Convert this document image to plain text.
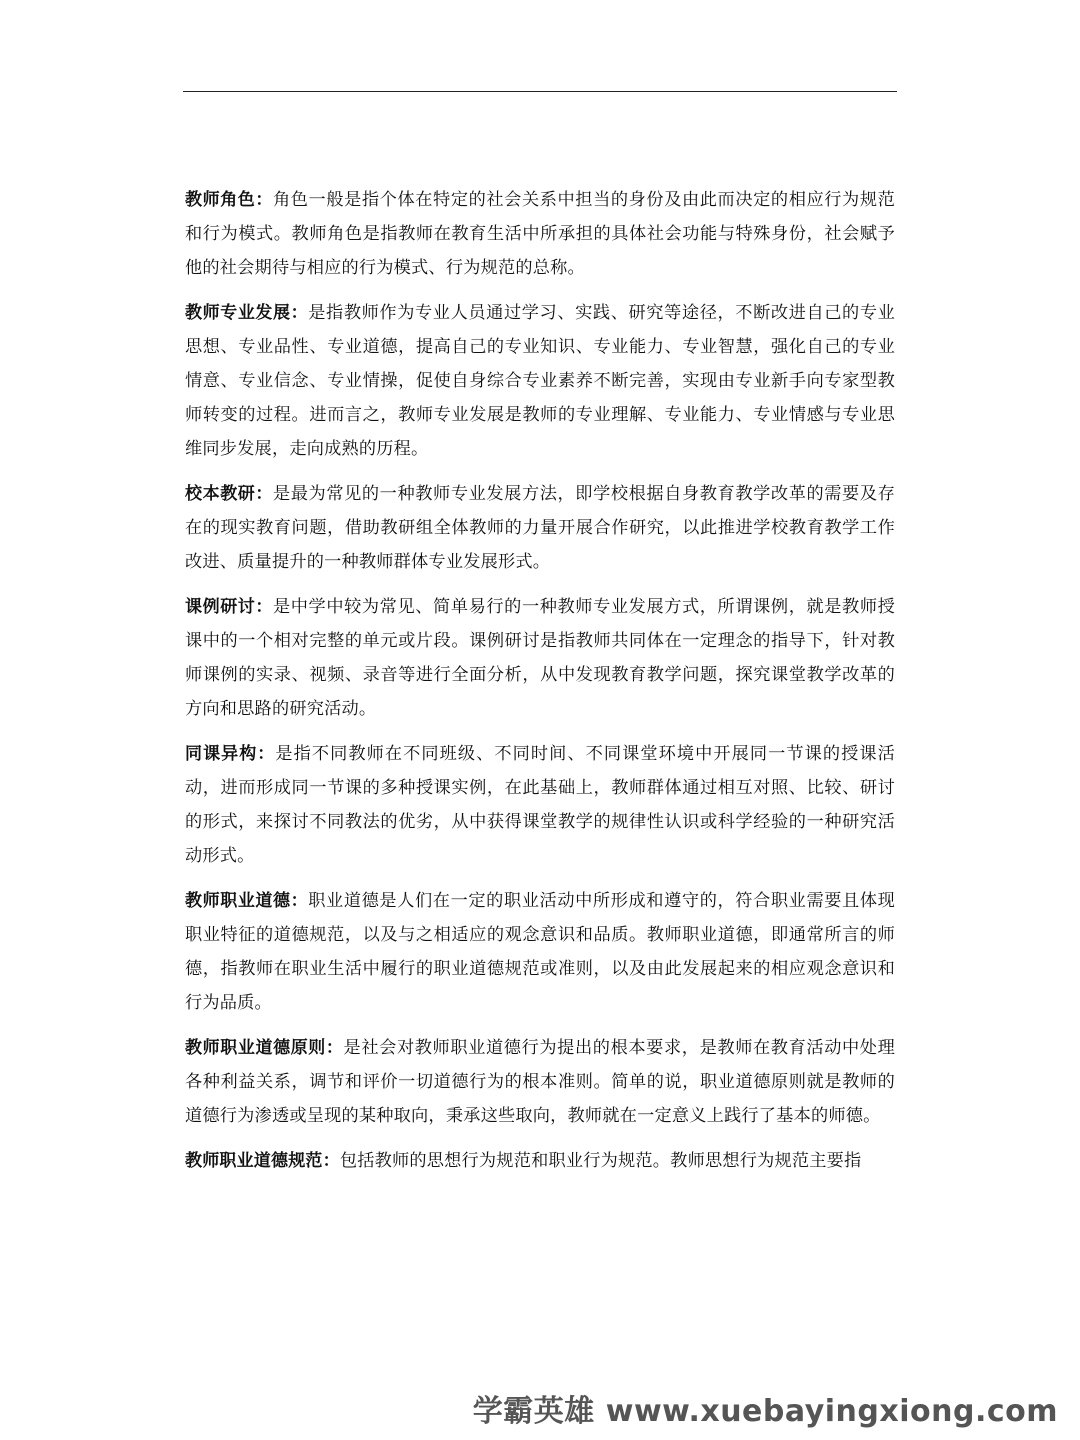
教师角色：角色一般是指个体在特定的社会关系中担当的身份及由此而决定的相应行为规范和行为模式。教师角色是指教师在教育生活中所承担的具体社会功能与特殊身份，社会赋予他的社会期待与相应的行为模式、行为规范的总称。

教师专业发展：是指教师作为专业人员通过学习、实践、研究等途径，不断改进自己的专业思想、专业品性、专业道德，提高自己的专业知识、专业能力、专业智慧，强化自己的专业情意、专业信念、专业情操，促使自身综合专业素养不断完善，实现由专业新手向专家型教师转变的过程。进而言之，教师专业发展是教师的专业理解、专业能力、专业情感与专业思维同步发展，走向成熟的历程。

校本教研：是最为常见的一种教师专业发展方法，即学校根据自身教育教学改革的需要及存在的现实教育问题，借助教研组全体教师的力量开展合作研究，以此推进学校教育教学工作改进、质量提升的一种教师群体专业发展形式。

课例研讨：是中学中较为常见、简单易行的一种教师专业发展方式，所谓课例，就是教师授课中的一个相对完整的单元或片段。课例研讨是指教师共同体在一定理念的指导下，针对教师课例的实录、视频、录音等进行全面分析，从中发现教育教学问题，探究课堂教学改革的方向和思路的研究活动。

同课异构：是指不同教师在不同班级、不同时间、不同课堂环境中开展同一节课的授课活动，进而形成同一节课的多种授课实例，在此基础上，教师群体通过相互对照、比较、研讨的形式，来探讨不同教法的优劣，从中获得课堂教学的规律性认识或科学经验的一种研究活动形式。

教师职业道德：职业道德是人们在一定的职业活动中所形成和遵守的，符合职业需要且体现职业特征的道德规范，以及与之相适应的观念意识和品质。教师职业道德，即通常所言的师德，指教师在职业生活中履行的职业道德规范或准则，以及由此发展起来的相应观念意识和行为品质。

教师职业道德原则：是社会对教师职业道德行为提出的根本要求，是教师在教育活动中处理各种利益关系，调节和评价一切道德行为的根本准则。简单的说，职业道德原则就是教师的道德行为渗透或呈现的某种取向，秉承这些取向，教师就在一定意义上践行了基本的师德。

教师职业道德规范：包括教师的思想行为规范和职业行为规范。教师思想行为规范主要指

学霸英雄 www.xuebayingxiong.com
